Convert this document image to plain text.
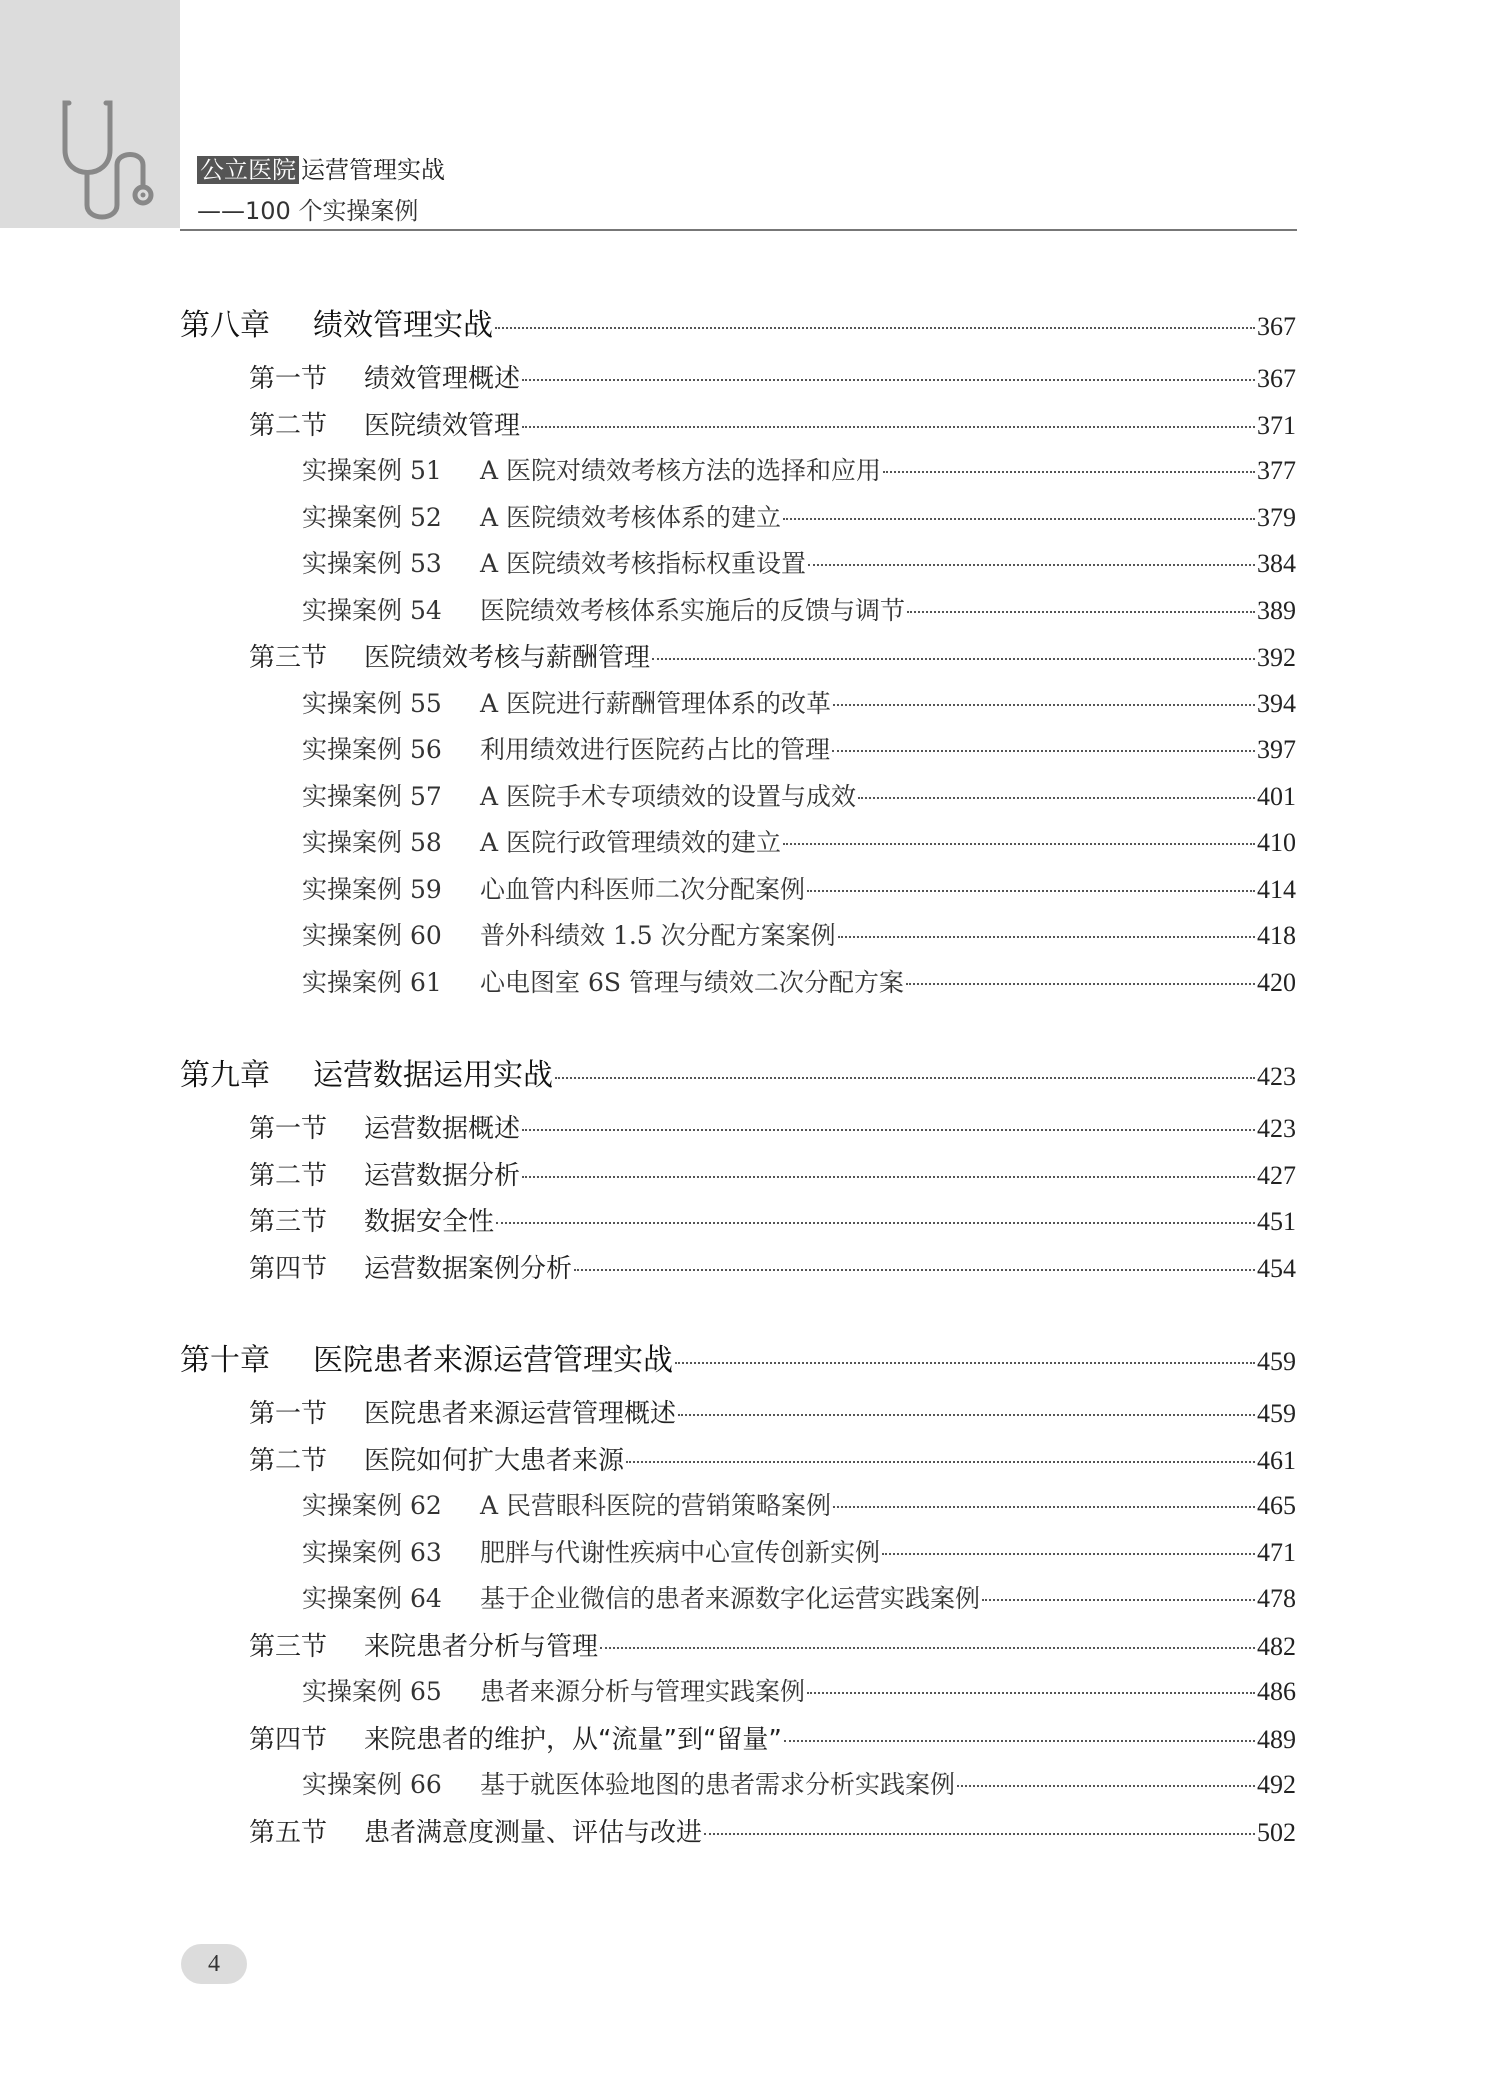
公立医院 运营管理实战
——100 个实操案例
第八章 绩效管理实战	367
第一节 绩效管理概述	367
第二节 医院绩效管理	371
实操案例 51 A 医院对绩效考核方法的选择和应用	377
实操案例 52 A 医院绩效考核体系的建立	379
实操案例 53 A 医院绩效考核指标权重设置	384
实操案例 54 医院绩效考核体系实施后的反馈与调节	389
第三节 医院绩效考核与薪酬管理	392
实操案例 55 A 医院进行薪酬管理体系的改革	394
实操案例 56 利用绩效进行医院药占比的管理	397
实操案例 57 A 医院手术专项绩效的设置与成效	401
实操案例 58 A 医院行政管理绩效的建立	410
实操案例 59 心血管内科医师二次分配案例	414
实操案例 60 普外科绩效 1.5 次分配方案案例	418
实操案例 61 心电图室 6S 管理与绩效二次分配方案	420
第九章 运营数据运用实战	423
第一节 运营数据概述	423
第二节 运营数据分析	427
第三节 数据安全性	451
第四节 运营数据案例分析	454
第十章 医院患者来源运营管理实战	459
第一节 医院患者来源运营管理概述	459
第二节 医院如何扩大患者来源	461
实操案例 62 A 民营眼科医院的营销策略案例	465
实操案例 63 肥胖与代谢性疾病中心宣传创新实例	471
实操案例 64 基于企业微信的患者来源数字化运营实践案例	478
第三节 来院患者分析与管理	482
实操案例 65 患者来源分析与管理实践案例	486
第四节 来院患者的维护，从“流量”到“留量”	489
实操案例 66 基于就医体验地图的患者需求分析实践案例	492
第五节 患者满意度测量、评估与改进	502
4
